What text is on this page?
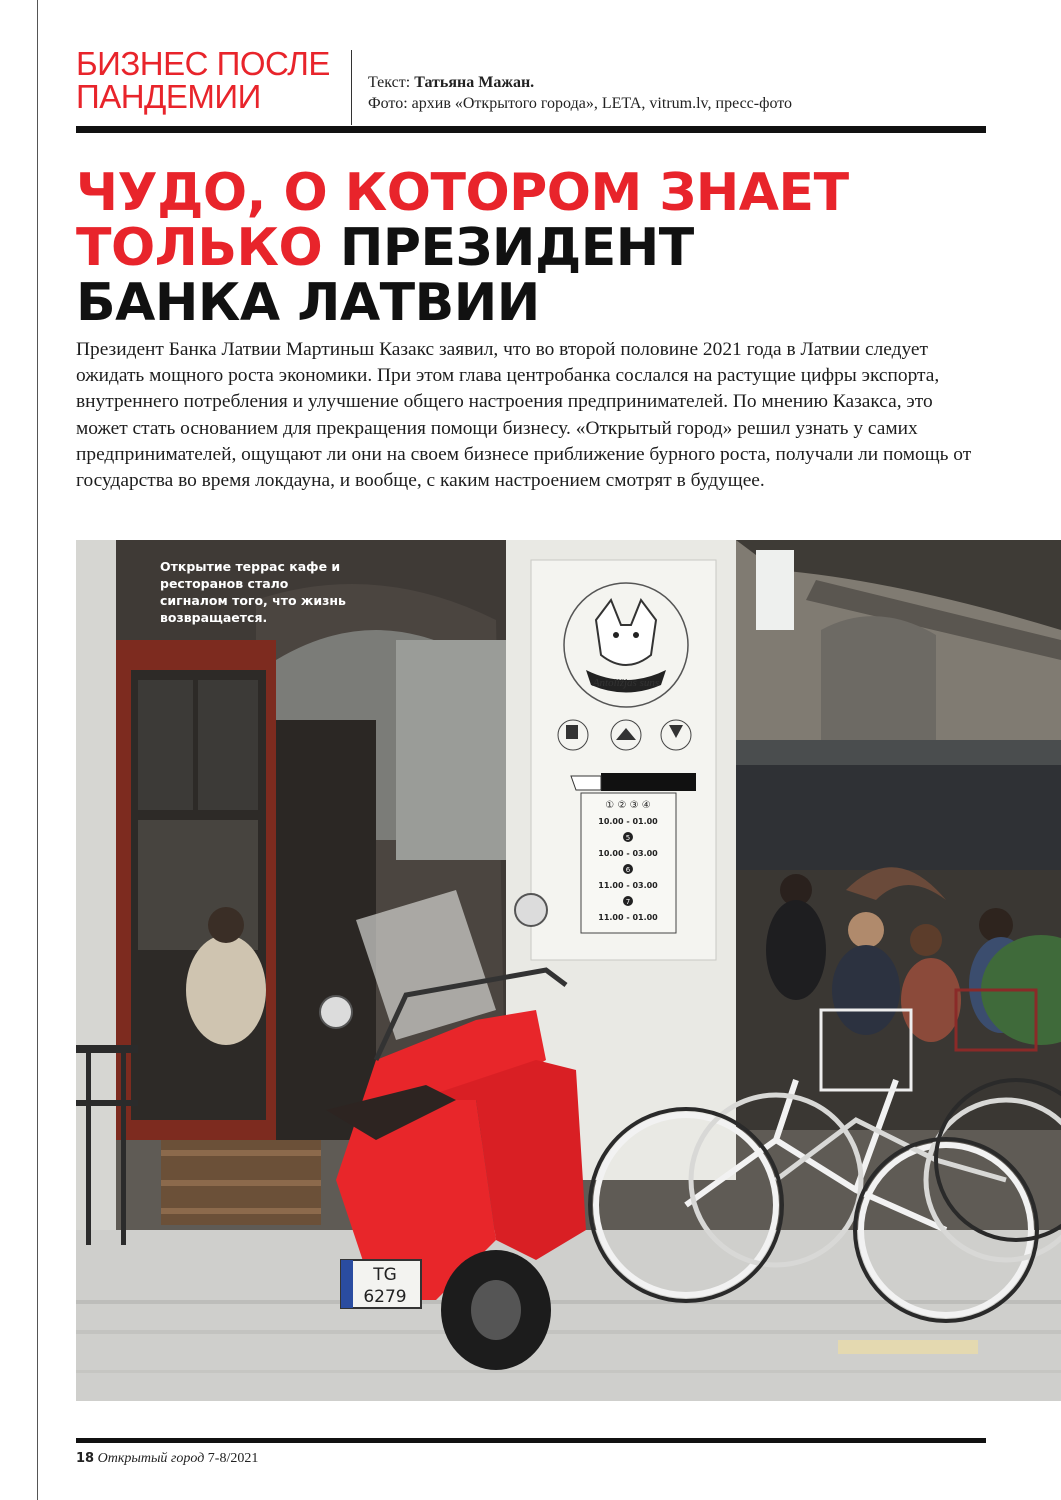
БИЗНЕС ПОСЛЕ
ПАНДЕМИИ	Текст: Татьяна Мажан.
Фото: архив «Открытого города», LETA, vitrum.lv, пресс-фото
ЧУДО, О КОТОРОМ ЗНАЕТ
ТОЛЬКО ПРЕЗИДЕНТ
БАНКА ЛАТВИИ
Президент Банка Латвии Мартиньш Казакс заявил, что во второй половине 2021 года в Латвии следует ожидать мощного роста экономики. При этом глава центробанка сослался на растущие цифры экспорта, внутреннего потребления и улучшение общего настроения предпринимателей. По мнению Казакса, это может стать основанием для прекращения помощи бизнесу. «Открытый город» решил узнать у самих предпринимателей, ощущают ли они на своем бизнесе приближение бурного роста, получали ли помощь от государства во время локдауна, и вообще, с каким настроением смотрят в будущее.
Antoližjas suns
① ② ③ ④
10.00 - 01.00
5
10.00 - 03.00
6
11.00 - 03.00
7
11.00 - 01.00
TG
6279
Открытие террас кафе и ресторанов стало сигналом того, что жизнь возвращается.
18 Открытый город 7-8/2021
